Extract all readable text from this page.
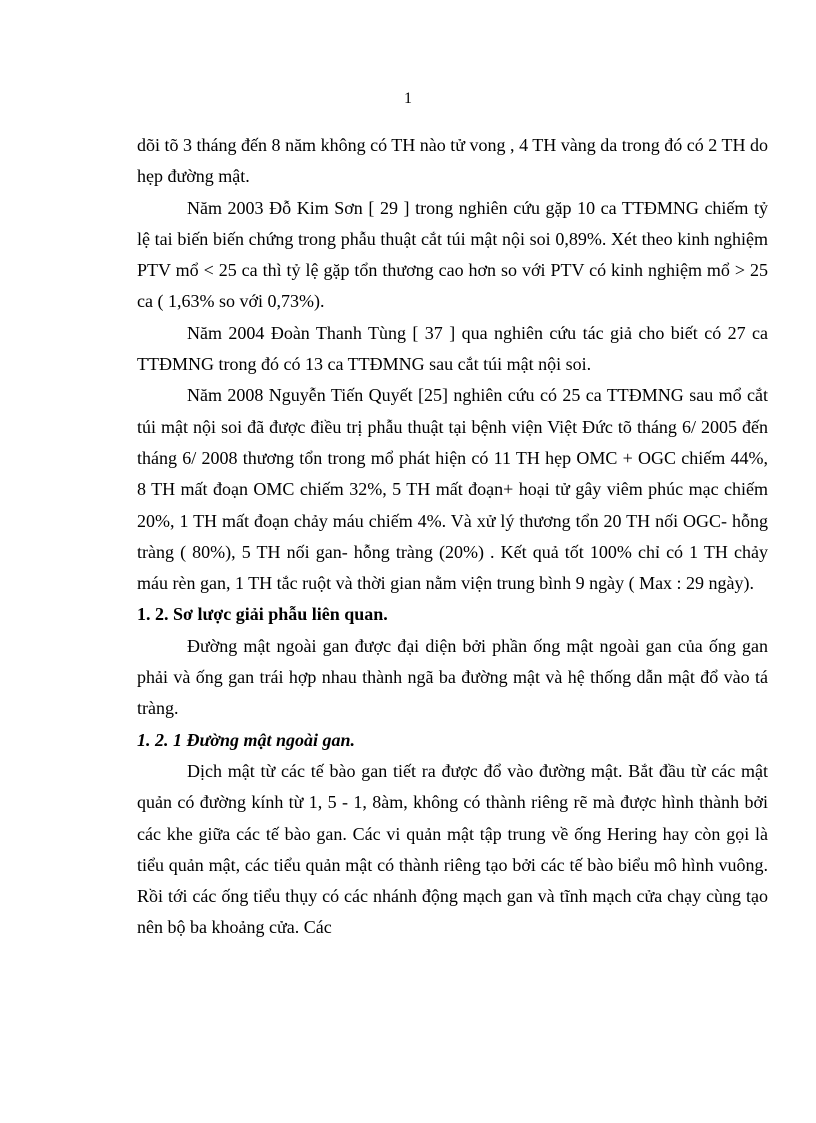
1

dõi tõ 3 tháng đến 8 năm không có TH nào tử vong , 4 TH vàng da trong đó có 2 TH do hẹp đường mật.

Năm 2003 Đỗ Kim Sơn [ 29 ] trong nghiên cứu gặp 10 ca TTĐMNG chiếm tỷ lệ tai biến biến chứng trong phẫu thuật cắt túi mật nội soi 0,89%. Xét theo kinh nghiệm PTV mổ < 25 ca thì tỷ lệ gặp tổn thương cao hơn so với PTV có kinh nghiệm mổ > 25 ca ( 1,63% so với 0,73%).

Năm 2004 Đoàn Thanh Tùng [ 37 ] qua nghiên cứu tác giả cho biết có 27 ca TTĐMNG trong đó có 13 ca TTĐMNG sau cắt túi mật nội soi.

Năm 2008 Nguyễn Tiến Quyết [25] nghiên cứu có 25 ca TTĐMNG sau mổ cắt túi mật nội soi đã được điều trị phẫu thuật tại bệnh viện Việt Đức tõ tháng 6/ 2005 đến tháng 6/ 2008 thương tổn trong mổ phát hiện có 11 TH hẹp OMC + OGC chiếm 44%, 8 TH mất đoạn OMC chiếm 32%, 5 TH mất đoạn+ hoại tử gây viêm phúc mạc chiếm 20%, 1 TH mất đoạn chảy máu chiếm 4%. Và xử lý thương tổn 20 TH nối OGC- hỗng tràng ( 80%), 5 TH nối gan- hỗng tràng (20%) . Kết quả tốt 100% chỉ có 1 TH chảy máu rèn gan, 1 TH tắc ruột và thời gian nằm viện trung bình 9 ngày ( Max : 29 ngày).

1. 2. Sơ lược giải phẫu liên quan.

Đường mật ngoài gan được đại diện bởi phần ống mật ngoài gan của ống gan phải và ống gan trái hợp nhau thành ngã ba đường mật và hệ thống dẫn mật đổ vào tá tràng.

1. 2. 1 Đường mật ngoài gan.

Dịch mật từ các tế bào gan tiết ra được đổ vào đường mật. Bắt đầu từ các mật quản có đường kính từ 1, 5 - 1, 8àm, không có thành riêng rẽ mà được hình thành bởi các khe giữa các tế bào gan. Các vi quản mật tập trung về ống Hering hay còn gọi là tiểu quản mật, các tiểu quản mật có thành riêng tạo bởi các tế bào biểu mô hình vuông. Rồi tới các ống tiểu thụy có các nhánh động mạch gan và tĩnh mạch cửa chạy cùng tạo nên bộ ba khoảng cửa. Các
